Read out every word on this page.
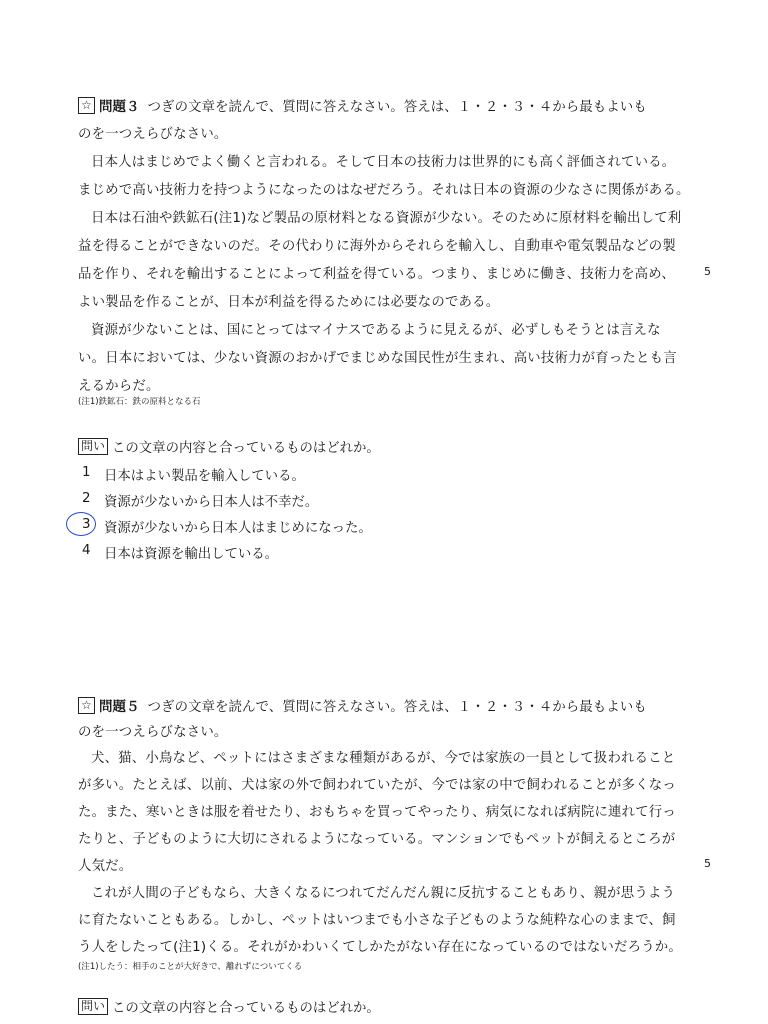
☆ 問題３ つぎの文章を読んで、質問に答えなさい。答えは、１・２・３・４から最もよいも
のを一つえらびなさい。
日本人はまじめでよく働くと言われる。そして日本の技術力は世界的にも高く評価されている。
まじめで高い技術力を持つようになったのはなぜだろう。それは日本の資源の少なさに関係がある。
日本は石油や鉄鉱石(注1)など製品の原材料となる資源が少ない。そのために原材料を輸出して利
益を得ることができないのだ。その代わりに海外からそれらを輸入し、自動車や電気製品などの製
品を作り、それを輸出することによって利益を得ている。つまり、まじめに働き、技術力を高め、	5
よい製品を作ることが、日本が利益を得るためには必要なのである。
資源が少ないことは、国にとってはマイナスであるように見えるが、必ずしもそうとは言えな
い。日本においては、少ない資源のおかげでまじめな国民性が生まれ、高い技術力が育ったとも言
えるからだ。
(注1)鉄鉱石：鉄の原料となる石
問い この文章の内容と合っているものはどれか。
1	日本はよい製品を輸入している。
2	資源が少ないから日本人は不幸だ。
3	資源が少ないから日本人はまじめになった。
4	日本は資源を輸出している。
☆ 問題５ つぎの文章を読んで、質問に答えなさい。答えは、１・２・３・４から最もよいも
のを一つえらびなさい。
犬、猫、小鳥など、ペットにはさまざまな種類があるが、今では家族の一員として扱われること
が多い。たとえば、以前、犬は家の外で飼われていたが、今では家の中で飼われることが多くなっ
た。また、寒いときは服を着せたり、おもちゃを買ってやったり、病気になれば病院に連れて行っ
たりと、子どものように大切にされるようになっている。マンションでもペットが飼えるところが
人気だ。	5
これが人間の子どもなら、大きくなるにつれてだんだん親に反抗することもあり、親が思うよう
に育たないこともある。しかし、ペットはいつまでも小さな子どものような純粋な心のままで、飼
う人をしたって(注1)くる。それがかわいくてしかたがない存在になっているのではないだろうか。
(注1)したう：相手のことが大好きで、離れずについてくる
問い この文章の内容と合っているものはどれか。
